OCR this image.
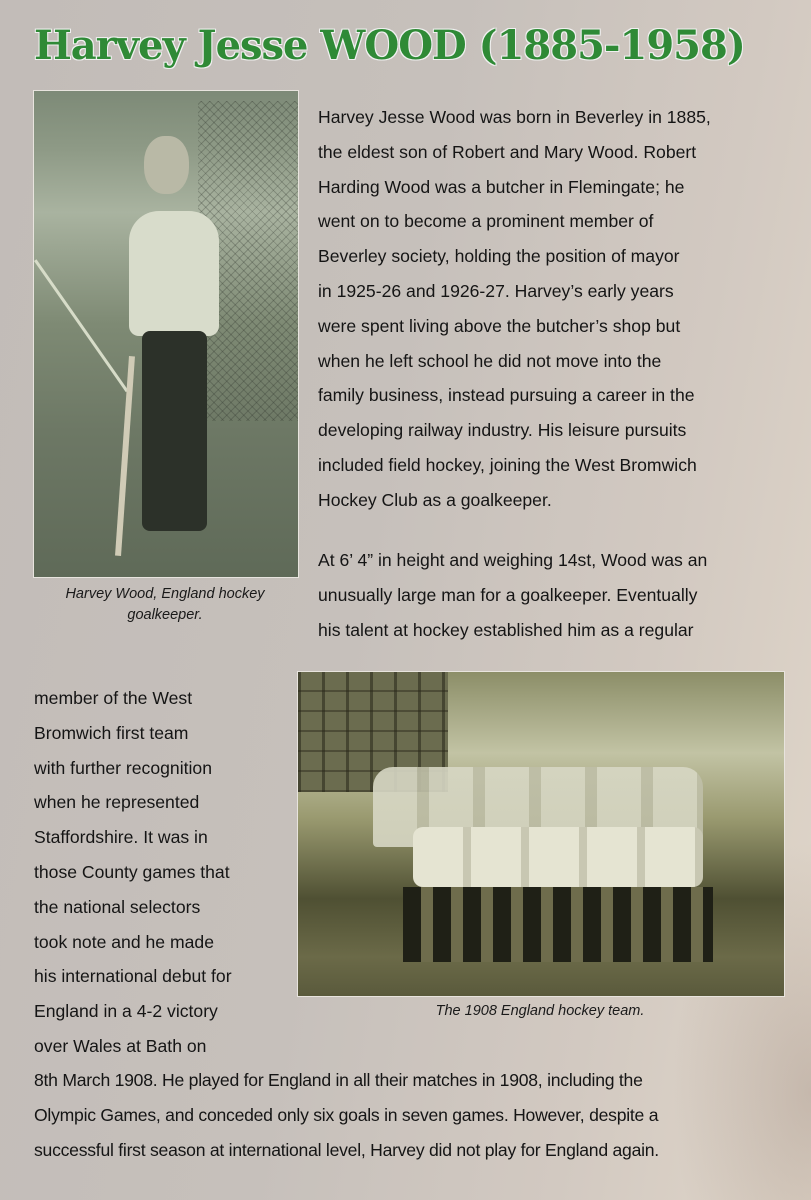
Harvey Jesse WOOD (1885-1958)
Harvey Wood, England hockey
goalkeeper.
Harvey Jesse Wood was born in Beverley in 1885,
the eldest son of Robert and Mary Wood. Robert
Harding Wood was a butcher in Flemingate; he
went on to become a prominent member of
Beverley society, holding the position of mayor
in 1925-26 and 1926-27. Harvey’s early years
were spent living above the butcher’s shop but
when he left school he did not move into the
family business, instead pursuing a career in the
developing railway industry. His leisure pursuits
included field hockey, joining the West Bromwich
Hockey Club as a goalkeeper.
At 6’ 4” in height and weighing 14st, Wood was an
unusually large man for a goalkeeper. Eventually
his talent at hockey established him as a regular
member of the West
Bromwich first team
with further recognition
when he represented
Staffordshire. It was in
those County games that
the national selectors
took note and he made
his international debut for
England in a 4-2 victory
over Wales at Bath on
The 1908 England hockey team.
8th March 1908. He played for England in all their matches in 1908, including the
Olympic Games, and conceded only six goals in seven games. However, despite a
successful first season at international level, Harvey did not play for England again.
